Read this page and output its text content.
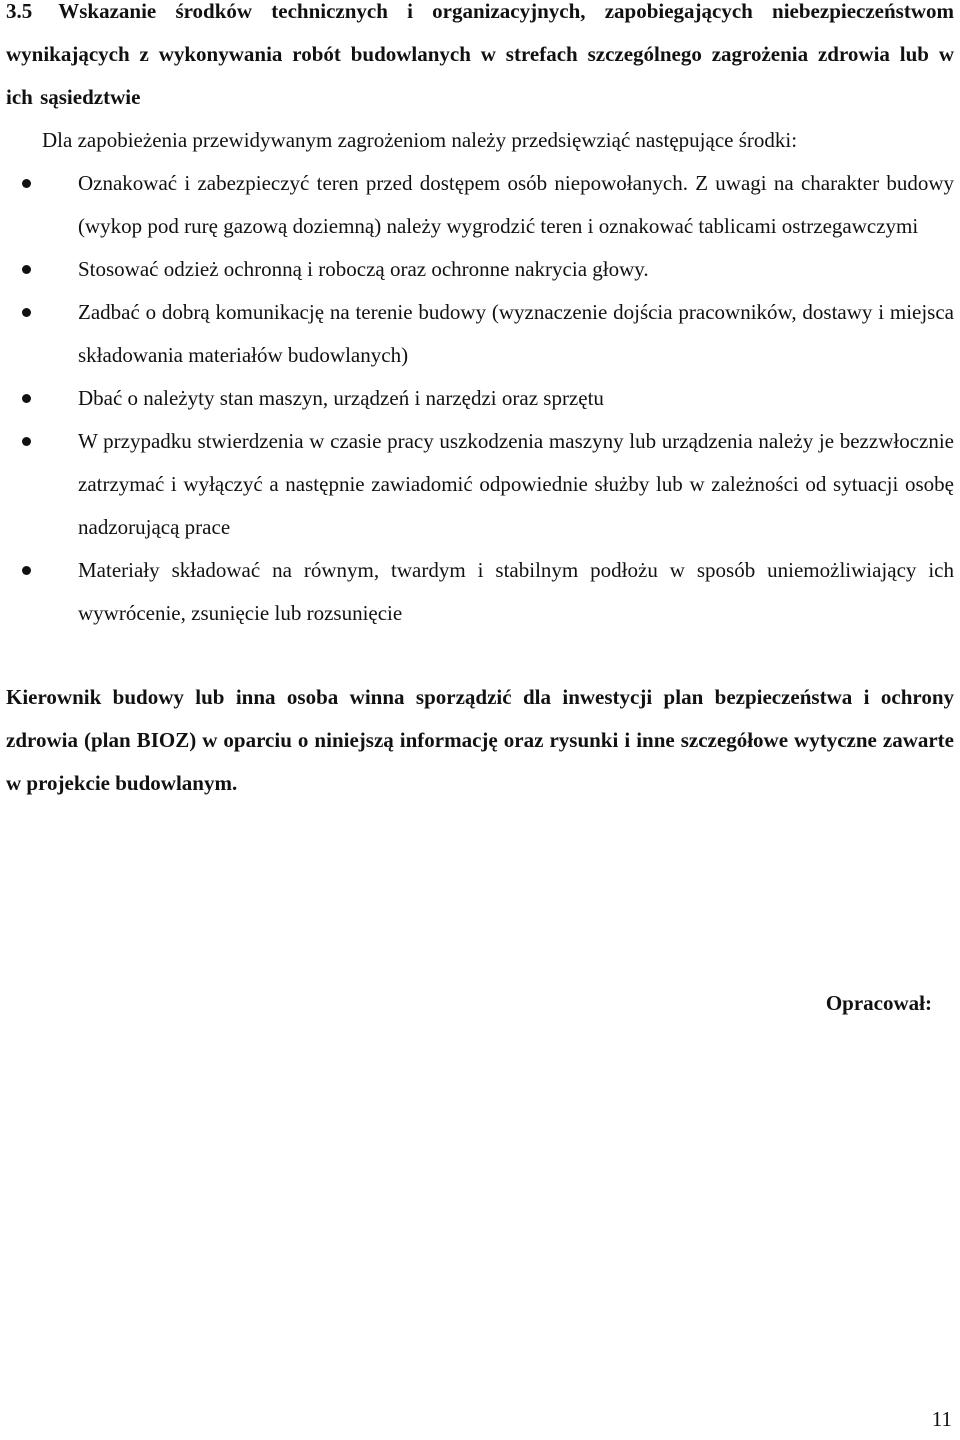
3.5 Wskazanie środków technicznych i organizacyjnych, zapobiegających niebezpieczeństwom wynikających z wykonywania robót budowlanych w strefach szczególnego zagrożenia zdrowia lub w ich sąsiedztwie

Dla zapobieżenia przewidywanym zagrożeniom należy przedsięwziąć następujące środki:

Oznakować i zabezpieczyć teren przed dostępem osób niepowołanych. Z uwagi na charakter budowy (wykop pod rurę gazową doziemną) należy wygrodzić teren i oznakować tablicami ostrzegawczymi
Stosować odzież ochronną i roboczą oraz ochronne nakrycia głowy.
Zadbać o dobrą komunikację na terenie budowy (wyznaczenie dojścia pracowników, dostawy i miejsca składowania materiałów budowlanych)
Dbać o należyty stan maszyn, urządzeń i narzędzi oraz sprzętu
W przypadku stwierdzenia w czasie pracy uszkodzenia maszyny lub urządzenia należy je bezzwłocznie zatrzymać i wyłączyć a następnie zawiadomić odpowiednie służby lub w zależności od sytuacji osobę nadzorującą prace
Materiały składować na równym, twardym i stabilnym podłożu w sposób uniemożliwiający ich wywrócenie, zsunięcie lub rozsunięcie

Kierownik budowy lub inna osoba winna sporządzić dla inwestycji plan bezpieczeństwa i ochrony zdrowia (plan BIOZ) w oparciu o niniejszą informację oraz rysunki i inne szczegółowe wytyczne zawarte w projekcie budowlanym.

Opracował:

11
